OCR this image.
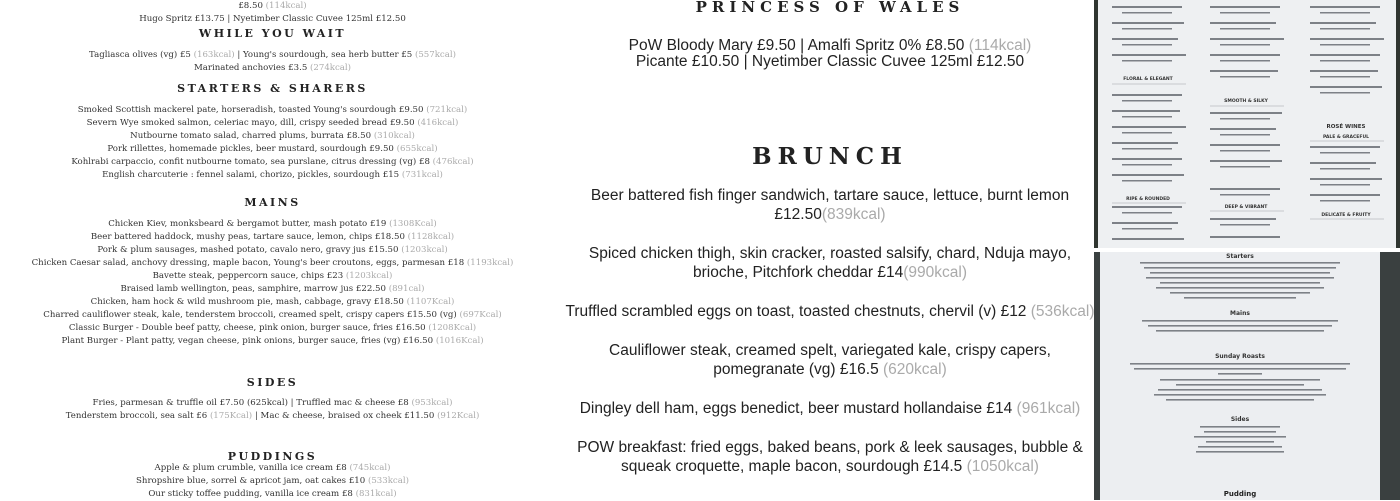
£8.50 (114kcal)
Hugo Spritz £13.75 | Nyetimber Classic Cuvee 125ml £12.50
WHILE YOU WAIT
Tagliasca olives (vg) £5 (163kcal) | Young's sourdough, sea herb butter £5 (557kcal)
Marinated anchovies £3.5 (274kcal)
STARTERS & SHARERS
Smoked Scottish mackerel pate, horseradish, toasted Young's sourdough £9.50 (721kcal)
Severn Wye smoked salmon, celeriac mayo, dill, crispy seeded bread £9.50 (416kcal)
Nutbourne tomato salad, charred plums, burrata £8.50 (310kcal)
Pork rillettes, homemade pickles, beer mustard, sourdough £9.50 (655kcal)
Kohlrabi carpaccio, confit nutbourne tomato, sea purslane, citrus dressing (vg) £8 (476kcal)
English charcuterie : fennel salami, chorizo, pickles, sourdough £15 (731kcal)
MAINS
Chicken Kiev, monksbeard & bergamot butter, mash potato £19 (1308Kcal)
Beer battered haddock, mushy peas, tartare sauce, lemon, chips £18.50 (1128kcal)
Pork & plum sausages, mashed potato, cavalo nero, gravy jus £15.50 (1203kcal)
Chicken Caesar salad, anchovy dressing, maple bacon, Young's beer croutons, eggs, parmesan £18 (1193kcal)
Bavette steak, peppercorn sauce, chips £23 (1203kcal)
Braised lamb wellington, peas, samphire, marrow jus £22.50 (891cal)
Chicken, ham hock & wild mushroom pie, mash, cabbage, gravy £18.50 (1107Kcal)
Charred cauliflower steak, kale, tenderstem broccoli, creamed spelt, crispy capers £15.50 (vg) (697Kcal)
Classic Burger - Double beef patty, cheese, pink onion, burger sauce, fries £16.50 (1208Kcal)
Plant Burger - Plant patty, vegan cheese, pink onions, burger sauce, fries (vg) £16.50 (1016Kcal)
SIDES
Fries, parmesan & truffle oil £7.50 (625kcal) | Truffled mac & cheese £8 (953kcal)
Tenderstem broccoli, sea salt £6 (175Kcal) | Mac & cheese, braised ox cheek £11.50 (912Kcal)
PUDDINGS
Apple & plum crumble, vanilla ice cream £8 (745kcal)
Shropshire blue, sorrel & apricot jam, oat cakes £10 (533kcal)
Our sticky toffee pudding, vanilla ice cream £8 (831kcal)
PRINCESS OF WALES
PoW Bloody Mary £9.50 | Amalfi Spritz 0% £8.50 (114kcal)
Picante £10.50 | Nyetimber Classic Cuvee 125ml £12.50
BRUNCH
Beer battered fish finger sandwich, tartare sauce, lettuce, burnt lemon
£12.50(839kcal)
Spiced chicken thigh, skin cracker, roasted salsify, chard, Nduja mayo,
brioche, Pitchfork cheddar £14(990kcal)
Truffled scrambled eggs on toast, toasted chestnuts, chervil (v) £12 (536kcal)
Cauliflower steak, creamed spelt, variegated kale, crispy capers,
pomegranate (vg) £16.5 (620kcal)
Dingley dell ham, eggs benedict, beer mustard hollandaise £14 (961kcal)
POW breakfast: fried eggs, baked beans, pork & leek sausages, bubble &
squeak croquette, maple bacon, sourdough £14.5 (1050kcal)
FLORAL & ELEGANT
RIPE & ROUNDED
SMOOTH & SILKY
DEEP & VIBRANT
ROSÉ WINES
PALE & GRACEFUL
DELICATE & FRUITY
Starters
Mains
Sunday Roasts
Sides
Pudding
